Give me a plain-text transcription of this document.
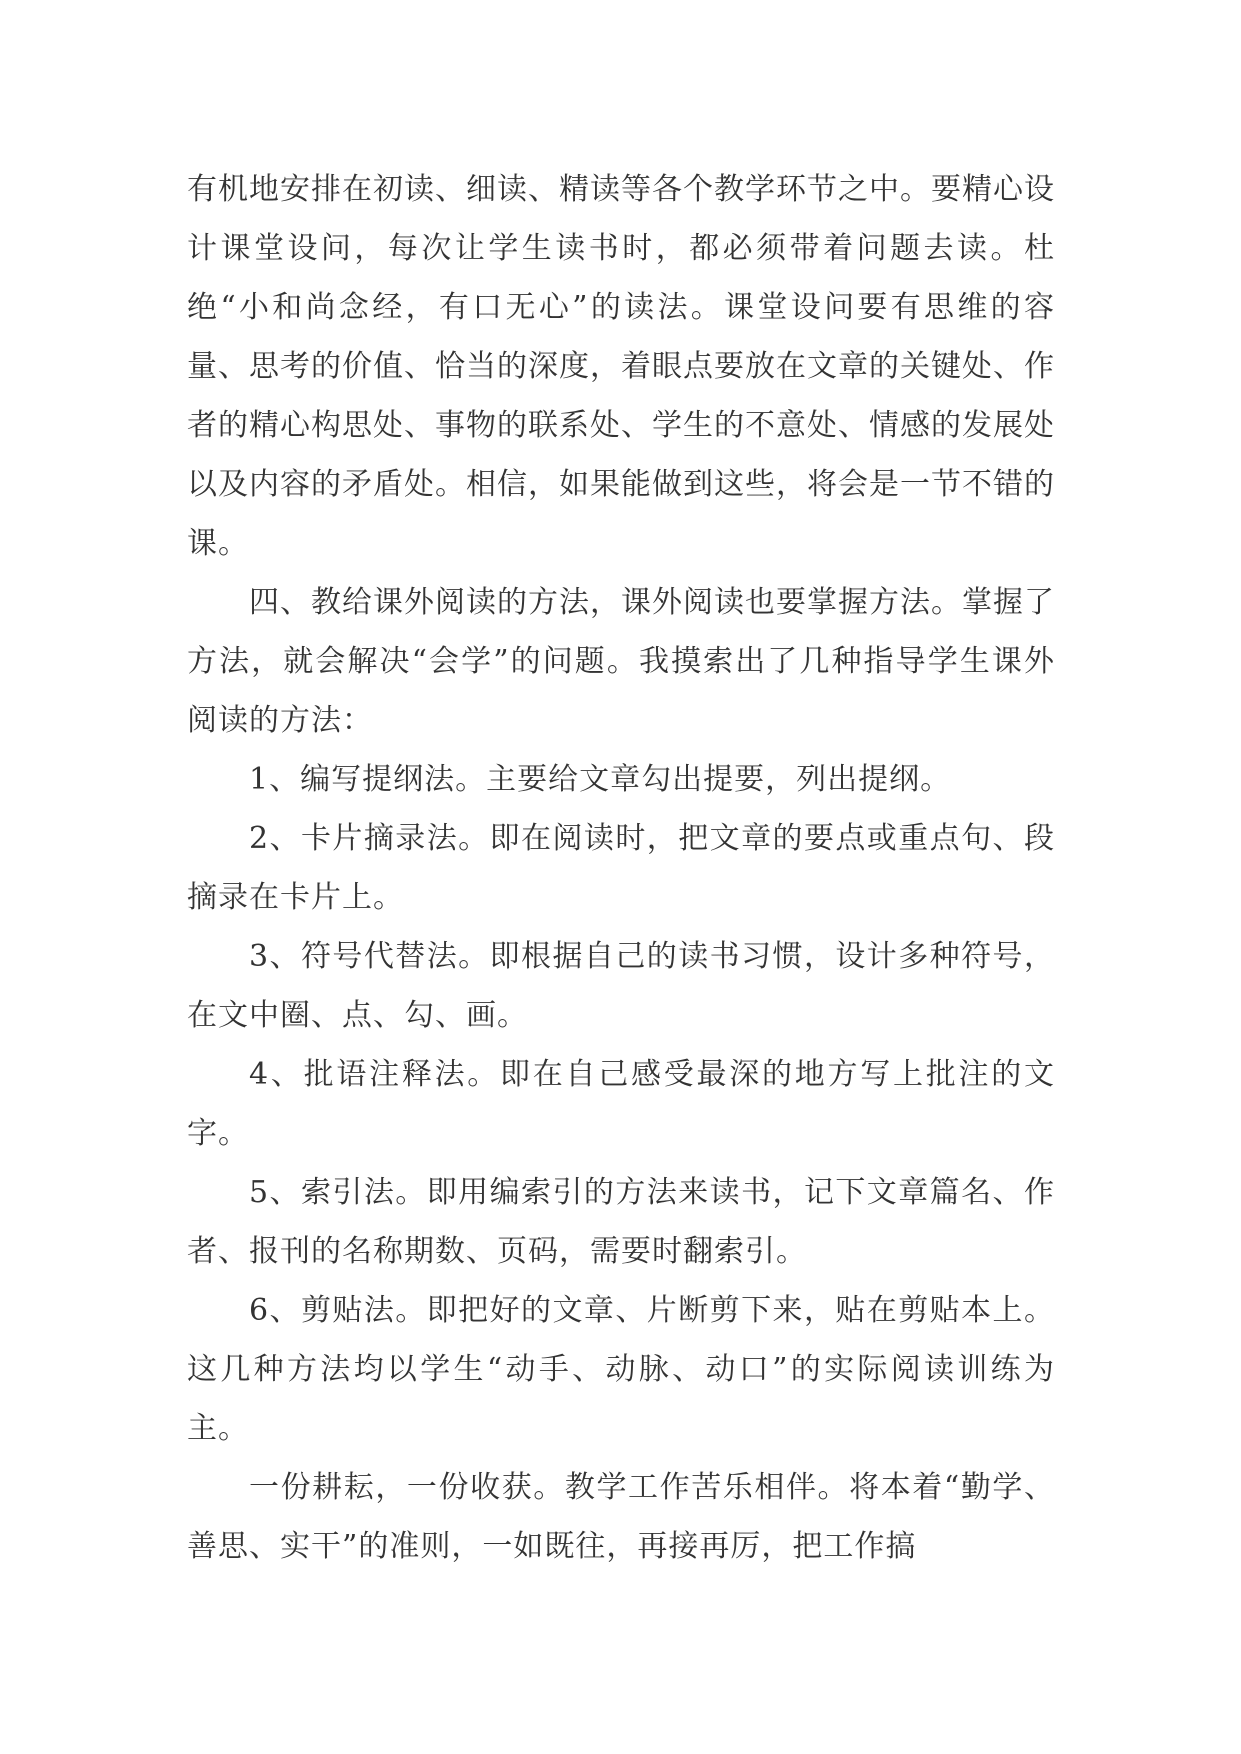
有机地安排在初读、细读、精读等各个教学环节之中。要精心设计课堂设问，每次让学生读书时，都必须带着问题去读。杜绝“小和尚念经，有口无心”的读法。课堂设问要有思维的容量、思考的价值、恰当的深度，着眼点要放在文章的关键处、作者的精心构思处、事物的联系处、学生的不意处、情感的发展处以及内容的矛盾处。相信，如果能做到这些，将会是一节不错的课。

四、教给课外阅读的方法，课外阅读也要掌握方法。掌握了方法，就会解决“会学”的问题。我摸索出了几种指导学生课外阅读的方法：

1、编写提纲法。主要给文章勾出提要，列出提纲。

2、卡片摘录法。即在阅读时，把文章的要点或重点句、段摘录在卡片上。

3、符号代替法。即根据自己的读书习惯，设计多种符号，在文中圈、点、勾、画。

4、批语注释法。即在自己感受最深的地方写上批注的文字。

5、索引法。即用编索引的方法来读书，记下文章篇名、作者、报刊的名称期数、页码，需要时翻索引。

6、剪贴法。即把好的文章、片断剪下来，贴在剪贴本上。这几种方法均以学生“动手、动脉、动口”的实际阅读训练为主。

一份耕耘，一份收获。教学工作苦乐相伴。将本着“勤学、善思、实干”的准则，一如既往，再接再厉，把工作搞
